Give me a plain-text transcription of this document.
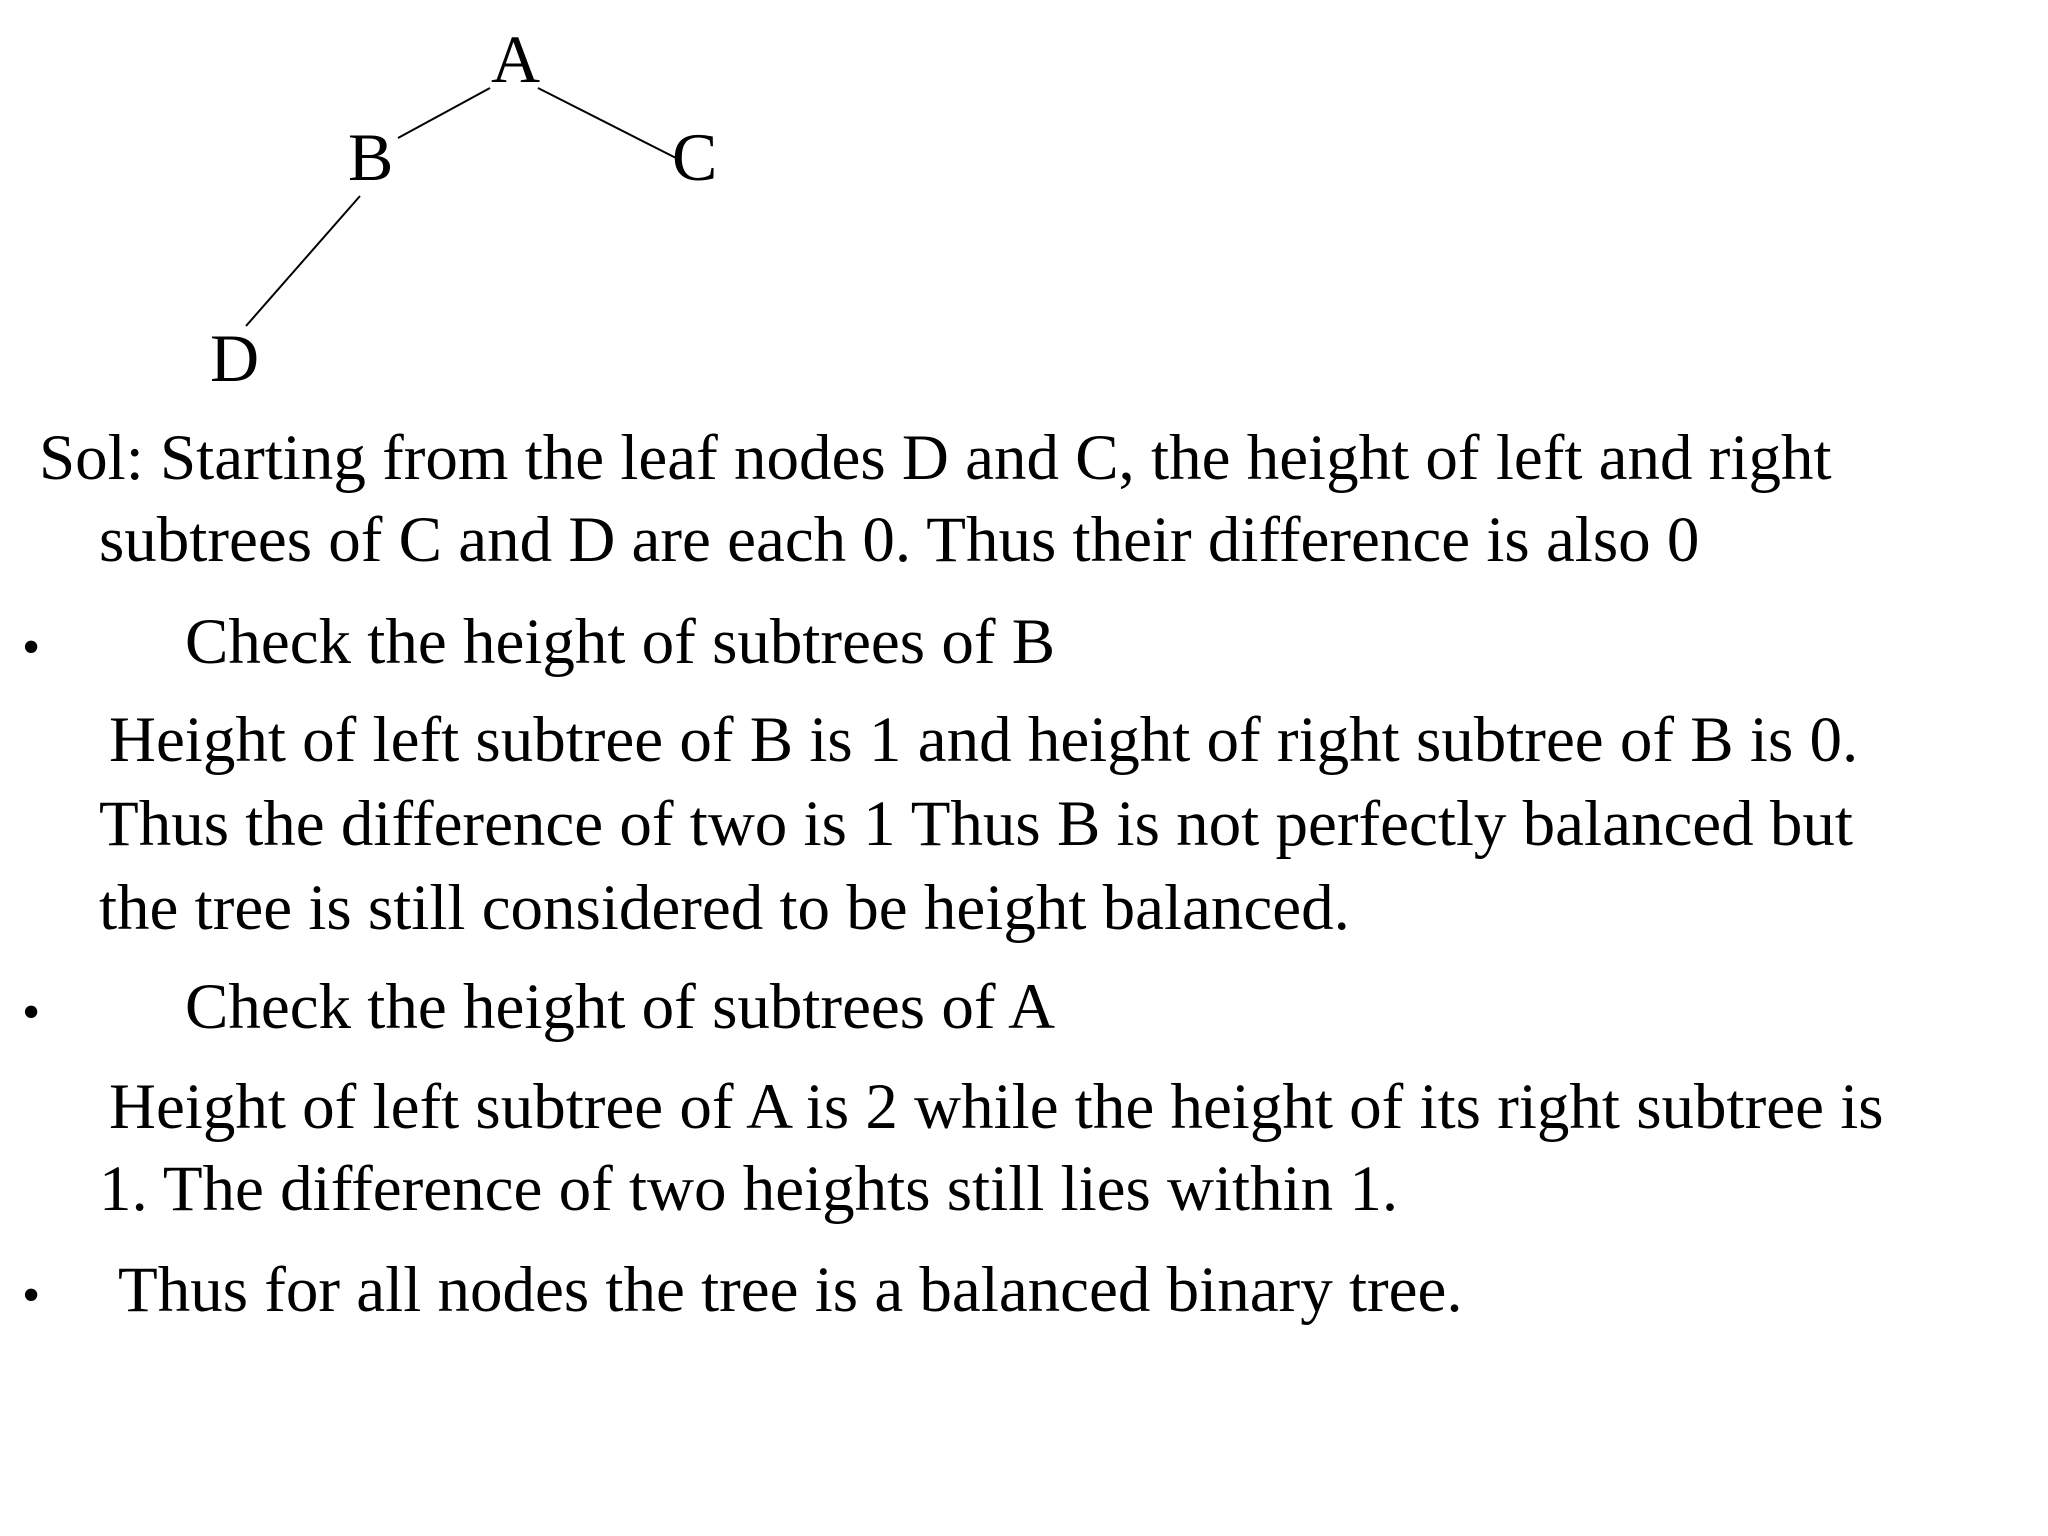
A
B	C
D
Sol: Starting from the leaf nodes D and C, the height of left and right
subtrees of C and D are each 0. Thus their difference is also 0
• Check the height of subtrees of B
Height of left subtree of B is 1 and height of right subtree of B is 0.
Thus the difference of two is 1 Thus B is not perfectly balanced but
the tree is still considered to be height balanced.
• Check the height of subtrees of A
Height of left subtree of A is 2 while the height of its right subtree is
1. The difference of two heights still lies within 1.
• Thus for all nodes the tree is a balanced binary tree.
